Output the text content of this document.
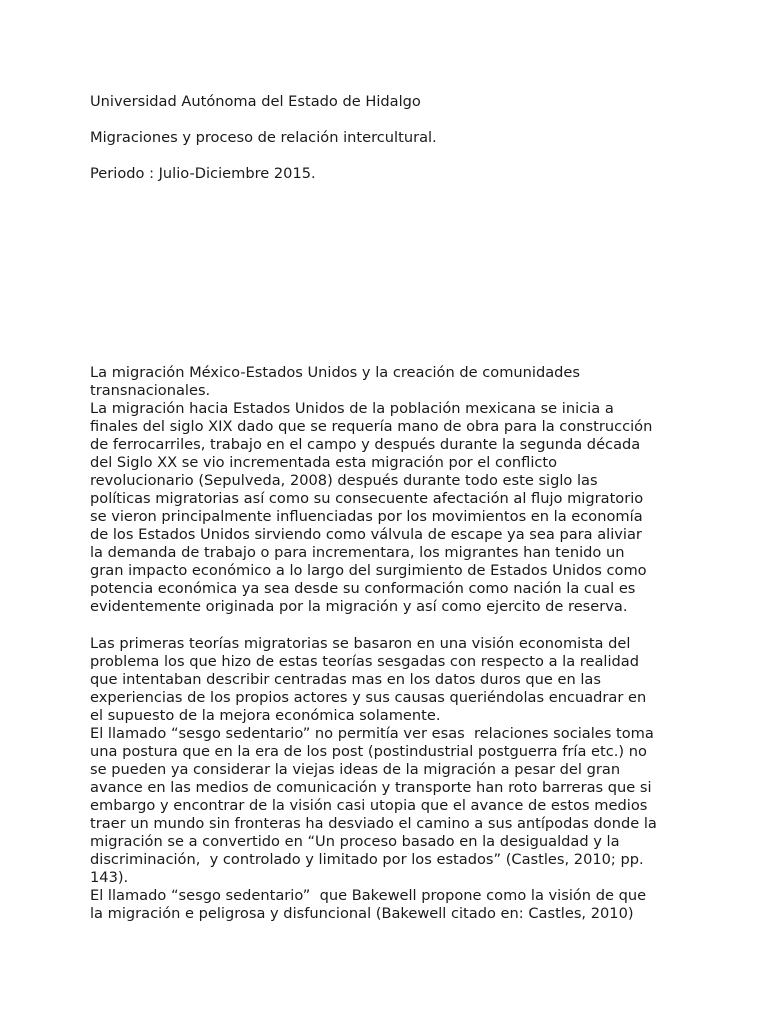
Universidad Autónoma del Estado de Hidalgo

Migraciones y proceso de relación intercultural.

Periodo : Julio-Diciembre 2015.

La migración México-Estados Unidos y la creación de comunidades

transnacionales.

La migración hacia Estados Unidos de la población mexicana se inicia a

finales del siglo XIX dado que se requería mano de obra para la construcción

de ferrocarriles, trabajo en el campo y después durante la segunda década

del Siglo XX se vio incrementada esta migración por el conflicto

revolucionario (Sepulveda, 2008) después durante todo este siglo las

políticas migratorias así como su consecuente afectación al flujo migratorio

se vieron principalmente influenciadas por los movimientos en la economía

de los Estados Unidos sirviendo como válvula de escape ya sea para aliviar

la demanda de trabajo o para incrementara, los migrantes han tenido un

gran impacto económico a lo largo del surgimiento de Estados Unidos como

potencia económica ya sea desde su conformación como nación la cual es

evidentemente originada por la migración y así como ejercito de reserva.

Las primeras teorías migratorias se basaron en una visión economista del

problema los que hizo de estas teorías sesgadas con respecto a la realidad

que intentaban describir centradas mas en los datos duros que en las

experiencias de los propios actores y sus causas queriéndolas encuadrar en

el supuesto de la mejora económica solamente.

El llamado “sesgo sedentario” no permitía ver esas  relaciones sociales toma

una postura que en la era de los post (postindustrial postguerra fría etc.) no

se pueden ya considerar la viejas ideas de la migración a pesar del gran

avance en las medios de comunicación y transporte han roto barreras que si

embargo y encontrar de la visión casi utopia que el avance de estos medios

traer un mundo sin fronteras ha desviado el camino a sus antípodas donde la

migración se a convertido en “Un proceso basado en la desigualdad y la

discriminación,  y controlado y limitado por los estados” (Castles, 2010; pp.

143).

El llamado “sesgo sedentario”  que Bakewell propone como la visión de que

la migración e peligrosa y disfuncional (Bakewell citado en: Castles, 2010)
